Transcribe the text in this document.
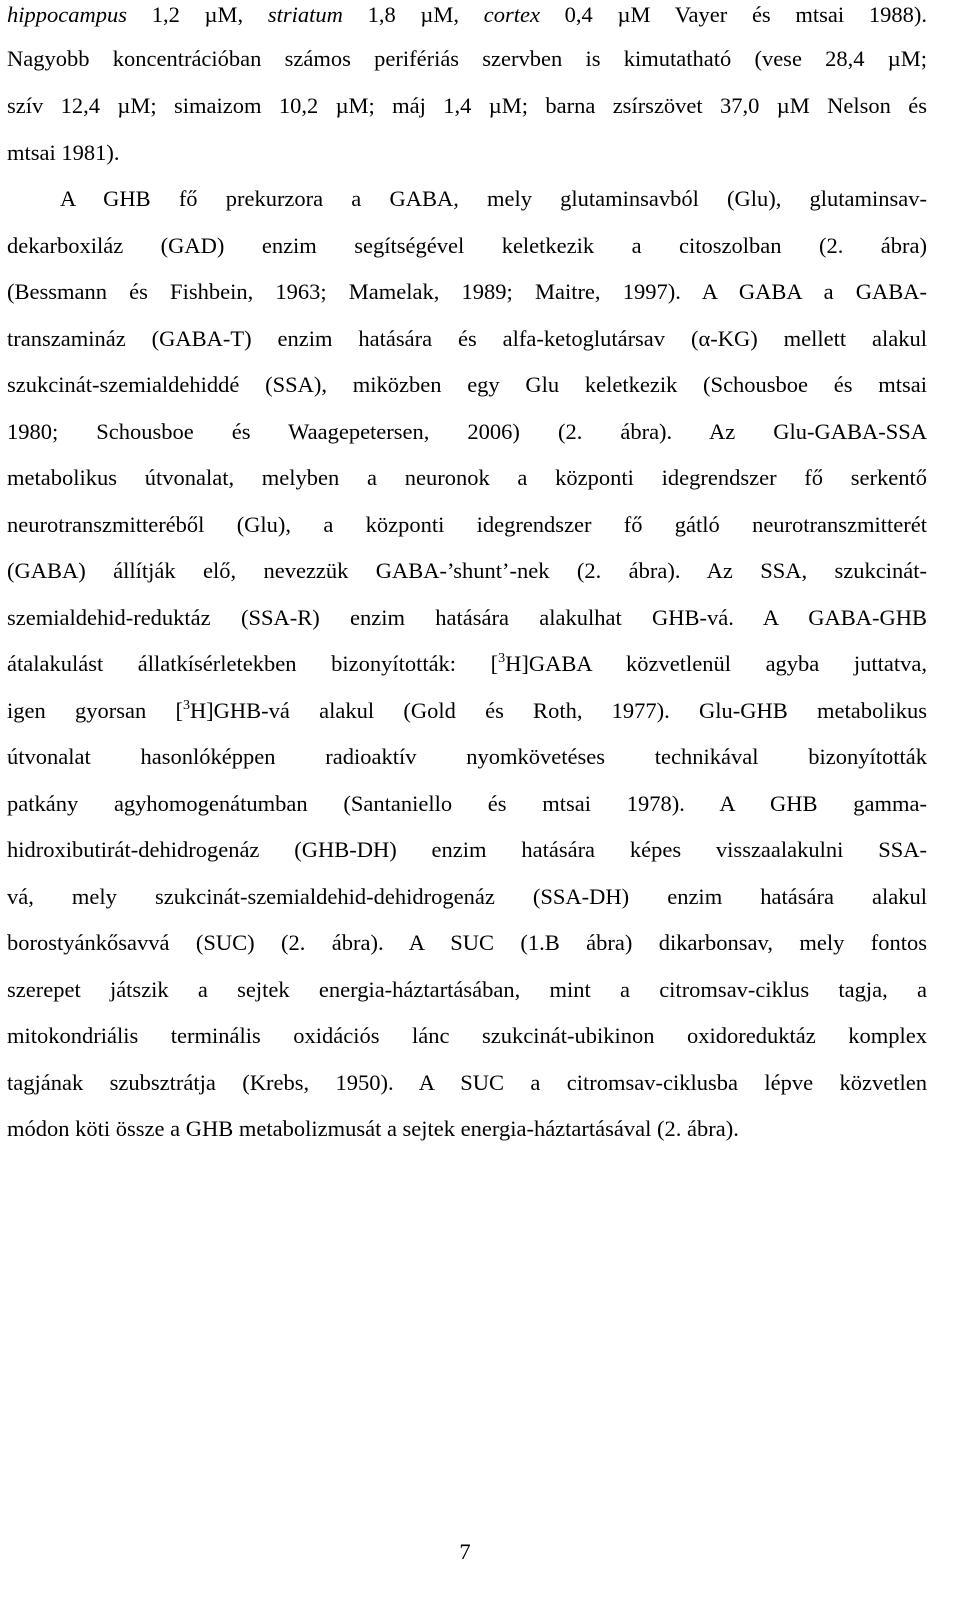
hippocampus 1,2 µM, striatum 1,8 µM, cortex 0,4 µM Vayer és mtsai 1988).
Nagyobb koncentrációban számos perifériás szervben is kimutatható (vese 28,4 µM;
szív 12,4 µM; simaizom 10,2 µM; máj 1,4 µM; barna zsírszövet 37,0 µM Nelson és
mtsai 1981).
A GHB fő prekurzora a GABA, mely glutaminsavból (Glu), glutaminsav-
dekarboxiláz (GAD) enzim segítségével keletkezik a citoszolban (2. ábra)
(Bessmann és Fishbein, 1963; Mamelak, 1989; Maitre, 1997). A GABA a GABA-
transzamináz (GABA-T) enzim hatására és alfa-ketoglutársav (α-KG) mellett alakul
szukcinát-szemialdehiddé (SSA), miközben egy Glu keletkezik (Schousboe és mtsai
1980; Schousboe és Waagepetersen, 2006) (2. ábra). Az Glu-GABA-SSA
metabolikus útvonalat, melyben a neuronok a központi idegrendszer fő serkentő
neurotranszmitteréből (Glu), a központi idegrendszer fő gátló neurotranszmitterét
(GABA) állítják elő, nevezzük GABA-’shunt’-nek (2. ábra). Az SSA, szukcinát-
szemialdehid-reduktáz (SSA-R) enzim hatására alakulhat GHB-vá. A GABA-GHB
átalakulást állatkísérletekben bizonyították: [$^3$H]GABA közvetlenül agyba juttatva,
igen gyorsan [$^3$H]GHB-vá alakul (Gold és Roth, 1977). Glu-GHB metabolikus
útvonalat hasonlóképpen radioaktív nyomkövetéses technikával bizonyították
patkány agyhomogenátumban (Santaniello és mtsai 1978). A GHB gamma-
hidroxibutirát-dehidrogenáz (GHB-DH) enzim hatására képes visszaalakulni SSA-
vá, mely szukcinát-szemialdehid-dehidrogenáz (SSA-DH) enzim hatására alakul
borostyánkősavvá (SUC) (2. ábra). A SUC (1.B ábra) dikarbonsav, mely fontos
szerepet játszik a sejtek energia-háztartásában, mint a citromsav-ciklus tagja, a
mitokondriális terminális oxidációs lánc szukcinát-ubikinon oxidoreduktáz komplex
tagjának szubsztrátja (Krebs, 1950). A SUC a citromsav-ciklusba lépve közvetlen
módon köti össze a GHB metabolizmusát a sejtek energia-háztartásával (2. ábra).
7
